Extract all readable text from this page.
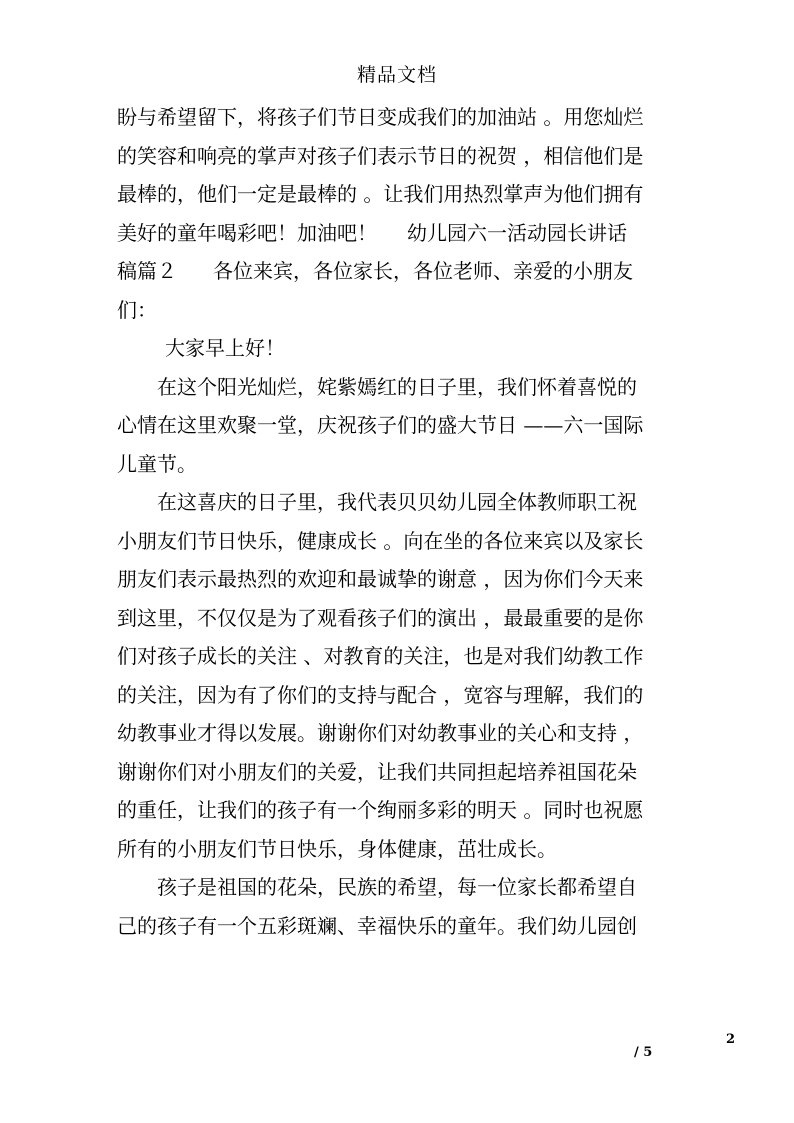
精品文档
盼与希望留下，将孩子们节日变成我们的加油站 。用您灿烂
的笑容和响亮的掌声对孩子们表示节日的祝贺 ，相信他们是
最棒的，他们一定是最棒的 。让我们用热烈掌声为他们拥有
美好的童年喝彩吧！加油吧！ 幼儿园六一活动园长讲话
稿篇２ 各位来宾，各位家长，各位老师、亲爱的小朋友
们：
大家早上好！
在这个阳光灿烂，姹紫嫣红的日子里，我们怀着喜悦的
心情在这里欢聚一堂，庆祝孩子们的盛大节日 ——六一国际
儿童节。
在这喜庆的日子里，我代表贝贝幼儿园全体教师职工祝
小朋友们节日快乐，健康成长 。向在坐的各位来宾以及家长
朋友们表示最热烈的欢迎和最诚挚的谢意 ，因为你们今天来
到这里，不仅仅是为了观看孩子们的演出 ，最最重要的是你
们对孩子成长的关注 、对教育的关注，也是对我们幼教工作
的关注，因为有了你们的支持与配合 ，宽容与理解，我们的
幼教事业才得以发展。谢谢你们对幼教事业的关心和支持 ，
谢谢你们对小朋友们的关爱，让我们共同担起培养祖国花朵
的重任，让我们的孩子有一个绚丽多彩的明天 。同时也祝愿
所有的小朋友们节日快乐，身体健康，茁壮成长。
孩子是祖国的花朵，民族的希望，每一位家长都希望自
己的孩子有一个五彩斑斓、幸福快乐的童年。我们幼儿园创
2
/ 5
